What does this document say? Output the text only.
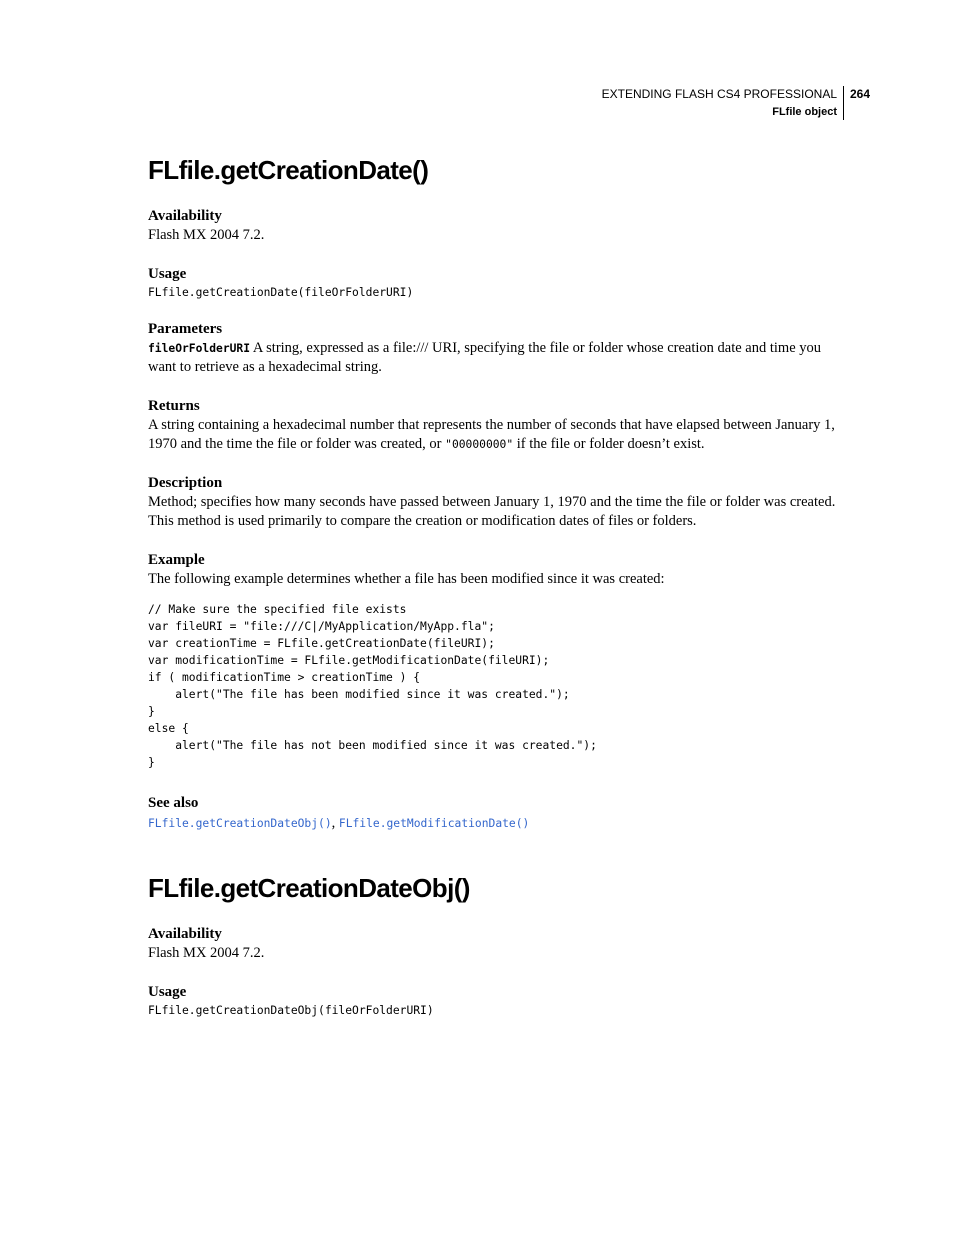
EXTENDING FLASH CS4 PROFESSIONAL
FLfile object
264
FLfile.getCreationDate()
Availability

Flash MX 2004 7.2.

Usage
FLfile.getCreationDate(fileOrFolderURI)
Parameters

fileOrFolderURI A string, expressed as a file:/// URI, specifying the file or folder whose creation date and time you want to retrieve as a hexadecimal string.

Returns

A string containing a hexadecimal number that represents the number of seconds that have elapsed between January 1, 1970 and the time the file or folder was created, or "00000000" if the file or folder doesn’t exist.

Description

Method; specifies how many seconds have passed between January 1, 1970 and the time the file or folder was created. This method is used primarily to compare the creation or modification dates of files or folders.

Example

The following example determines whether a file has been modified since it was created:

// Make sure the specified file exists
var fileURI = "file:///C|/MyApplication/MyApp.fla";
var creationTime = FLfile.getCreationDate(fileURI);
var modificationTime = FLfile.getModificationDate(fileURI);
if ( modificationTime > creationTime ) {
alert("The file has been modified since it was created.");
}
else {
alert("The file has not been modified since it was created.");
}
See also

FLfile.getCreationDateObj(), FLfile.getModificationDate()

FLfile.getCreationDateObj()
Availability

Flash MX 2004 7.2.

Usage
FLfile.getCreationDateObj(fileOrFolderURI)
